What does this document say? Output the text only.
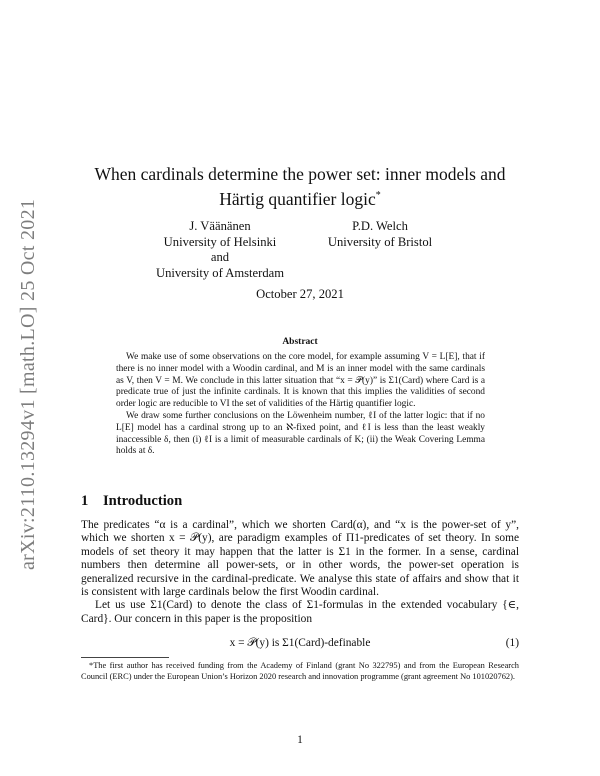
arXiv:2110.13294v1 [math.LO] 25 Oct 2021
When cardinals determine the power set: inner models and
Härtig quantifier logic*
J. Väänänen
University of Helsinki
and
University of Amsterdam
P.D. Welch
University of Bristol
October 27, 2021
Abstract

We make use of some observations on the core model, for example assuming V = L[E], that if there is no inner model with a Woodin cardinal, and M is an inner model with the same cardinals as V, then V = M. We conclude in this latter situation that “x = 𝒫(y)” is Σ1(Card) where Card is a predicate true of just the infinite cardinals. It is known that this implies the validities of second order logic are reducible to VI the set of validities of the Härtig quantifier logic.

We draw some further conclusions on the Löwenheim number, ℓI of the latter logic: that if no L[E] model has a cardinal strong up to an ℵ-fixed point, and ℓI is less than the least weakly inaccessible δ, then (i) ℓI is a limit of measurable cardinals of K; (ii) the Weak Covering Lemma holds at δ.

1 Introduction

The predicates “α is a cardinal”, which we shorten Card(α), and “x is the power-set of y”, which we shorten x = 𝒫(y), are paradigm examples of Π1-predicates of set theory. In some models of set theory it may happen that the latter is Σ1 in the former. In a sense, cardinal numbers then determine all power-sets, or in other words, the power-set operation is generalized recursive in the cardinal-predicate. We analyse this state of affairs and show that it is consistent with large cardinals below the first Woodin cardinal.

Let us use Σ1(Card) to denote the class of Σ1-formulas in the extended vocabulary {∈, Card}. Our concern in this paper is the proposition

x = 𝒫(y) is Σ1(Card)-definable	(1)
*The first author has received funding from the Academy of Finland (grant No 322795) and from the European Research Council (ERC) under the European Union’s Horizon 2020 research and innovation programme (grant agreement No 101020762).
1
